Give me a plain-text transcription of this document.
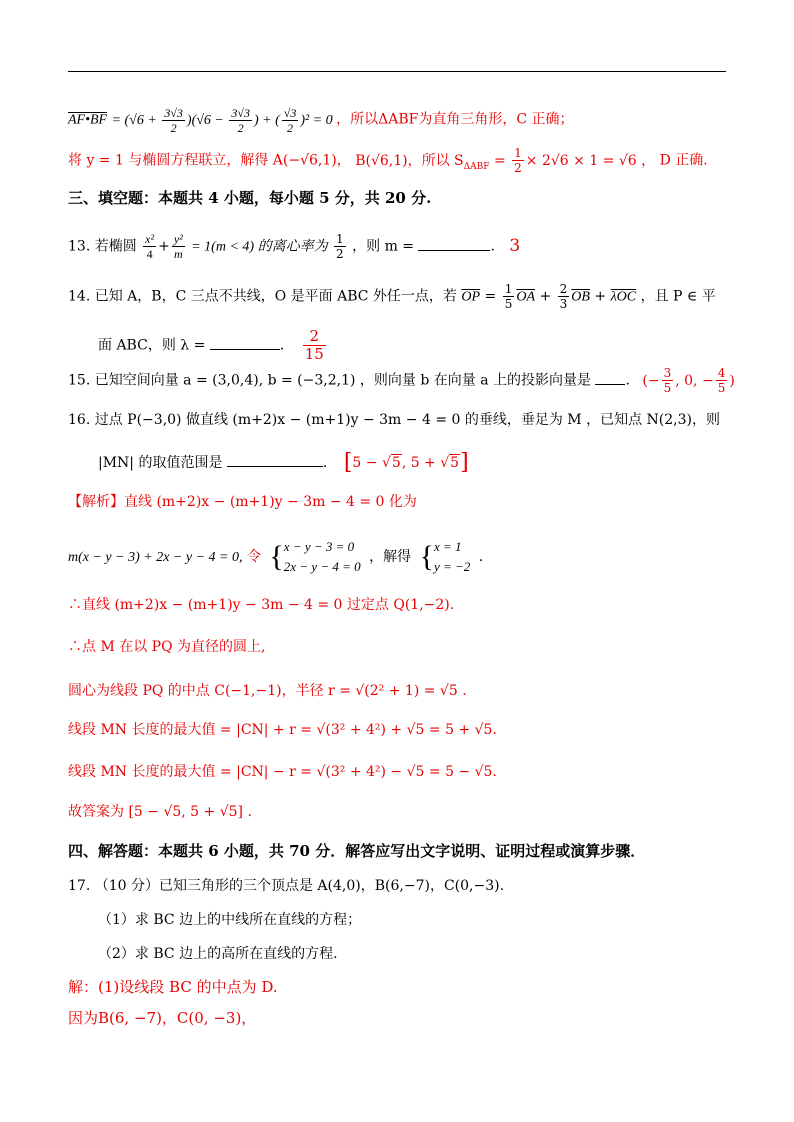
AF•BF = $(√6 + \frac{3√3}{2} )(√6 - \frac{3√3}{2}$ ) + ( $\frac{√3}{2} )^2 = 0$ ，所以ΔABF为直角三角形，C 正确；
将 y = 1 与椭圆方程联立，解得 A(−√6,1)， B(√6,1)，所以 $S_{\Delta ABF} = \frac{1}{2} \times 2√6 \times 1 = √6$ ， D 正确.
三、填空题：本题共 4 小题，每小题 5 分，共 20 分.
13. 若椭圆 $\frac{\text{x²}}{4} + \frac{\text{y²}}{m} = 1(m < 4)$ 的离心率为 $\frac{1}{2}$ ，则 m =	. 3
14. 已知 A，B，C 三点不共线，O 是平面 ABC 外任一点，若 $\overline{OP} = \frac{1}{5} \overline{OA} + \frac{2}{3} \overline{OB} + \overline{\lambda OC}$ ，且 P ∈ 平
面 ABC，则 λ =	. $\frac{2}{15}$
15. 已知空间向量 a = (3,0,4), b = (−3,2,1) ，则向量 b 在向量 a 上的投影向量是 . (− $\frac{3}{5}$ , 0, − $\frac{4}{5}$ )
16. 过点 P(−3,0) 做直线 (m+2)x − (m+1)y − 3m − 4 = 0 的垂线，垂足为 M ，已知点 N(2,3)，则
|MN| 的取值范围是	. [5 − √5, 5 + √5]
【解析】直线 (m+2)x − (m+1)y − 3m − 4 = 0 化为
m(x − y − 3) + 2x − y − 4 = 0, 令 {x − y − 3 = 0
2x − y − 4 = 0 ，解得 {x = 1
y = −2 .
∴直线 (m+2)x − (m+1)y − 3m − 4 = 0 过定点 Q(1,−2).
∴点 M 在以 PQ 为直径的圆上,
圆心为线段 PQ 的中点 C(−1,−1)，半径 r = √(2² + 1) = √5 .
线段 MN 长度的最大值 = |CN| + r = √(3² + 4²) + √5 = 5 + √5.
线段 MN 长度的最大值 = |CN| − r = √(3² + 4²) − √5 = 5 − √5.
故答案为 [5 − √5, 5 + √5] .
四、解答题：本题共 6 小题，共 70 分．解答应写出文字说明、证明过程或演算步骤．
17. （10 分）已知三角形的三个顶点是 A(4,0)，B(6,−7)，C(0,−3).
（1）求 BC 边上的中线所在直线的方程；
（2）求 BC 边上的高所在直线的方程.
解：(1)设线段 BC 的中点为 D.
因为B(6, −7)，C(0, −3)，
